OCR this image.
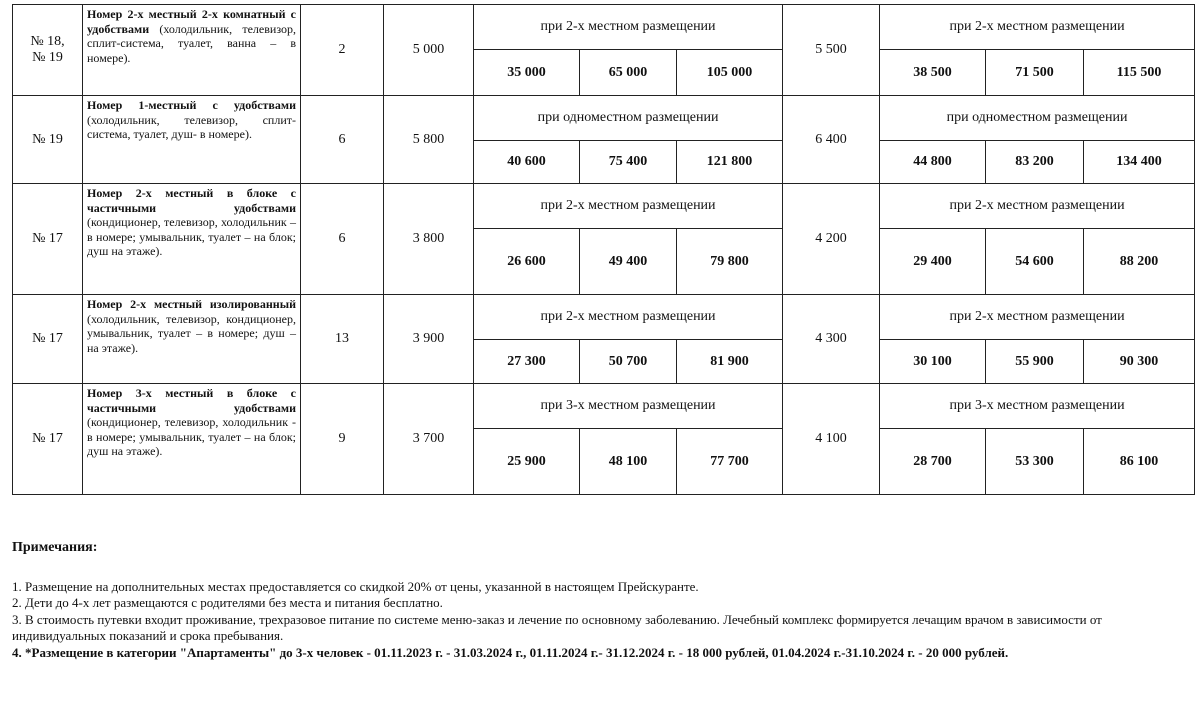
№ 18,
№ 19	Номер 2-х местный 2-х комнатный с удобствами (холодильник, телевизор, сплит-система, туалет, ванна – в номере).	2	5 000	при 2-х местном размещении			5 500	при 2-х местном размещении		
				35 000	65 000	105 000		38 500	71 500	115 500
№ 19	Номер 1-местный с удобствами (холодильник, телевизор, сплит-система, туалет, душ- в номере).	6	5 800	при одноместном размещении			6 400	при одноместном размещении		
				40 600	75 400	121 800		44 800	83 200	134 400
№ 17	Номер 2-х местный в блоке с частичными удобствами (кондиционер, телевизор, холодильник – в номере; умывальник, туалет – на блок; душ на этаже).	6	3 800	при 2-х местном размещении			4 200	при 2-х местном размещении		
				26 600	49 400	79 800		29 400	54 600	88 200
№ 17	Номер 2-х местный изолированный (холодильник, телевизор, кондиционер, умывальник, туалет – в номере; душ – на этаже).	13	3 900	при 2-х местном размещении			4 300	при 2-х местном размещении		
				27 300	50 700	81 900		30 100	55 900	90 300
№ 17	Номер 3-х местный в блоке с частичными удобствами (кондиционер, телевизор, холодильник - в номере; умывальник, туалет – на блок; душ на этаже).	9	3 700	при 3-х местном размещении			4 100	при 3-х местном размещении		
				25 900	48 100	77 700		28 700	53 300	86 100
Примечания:

1. Размещение на дополнительных местах предоставляется со скидкой 20% от цены, указанной в настоящем Прейскуранте.

2. Дети до 4-х лет размещаются с родителями без места и питания бесплатно.

3. В стоимость путевки входит проживание, трехразовое питание по системе меню-заказ и лечение по основному заболеванию. Лечебный комплекс формируется лечащим врачом в зависимости от индивидуальных показаний и срока пребывания.

4. *Размещение в категории "Апартаменты" до 3-х человек - 01.11.2023 г. - 31.03.2024 г., 01.11.2024 г.- 31.12.2024 г. - 18 000 рублей, 01.04.2024 г.-31.10.2024 г. - 20 000 рублей.
